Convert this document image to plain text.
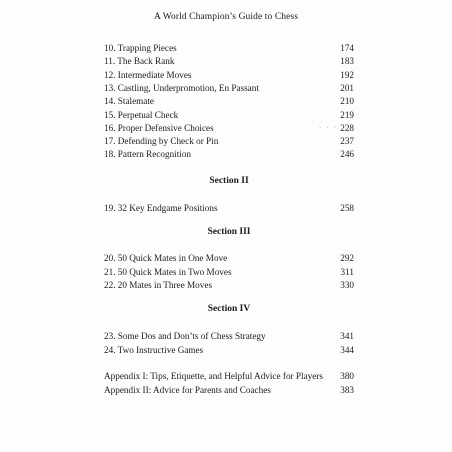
A World Champion’s Guide to Chess
10. Trapping Pieces	174
11. The Back Rank	183
12. Intermediate Moves	192
13. Castling, Underpromotion, En Passant	201
14. Stalemate	210
15. Perpetual Check	219
16. Proper Defensive Choices	228
17. Defending by Check or Pin	237
18. Pattern Recognition	246
Section II
19. 32 Key Endgame Positions	258
Section III
20. 50 Quick Mates in One Move	292
21. 50 Quick Mates in Two Moves	311
22. 20 Mates in Three Moves	330
Section IV
23. Some Dos and Don’ts of Chess Strategy	341
24. Two Instructive Games	344
Appendix I: Tips, Etiquette, and Helpful Advice for Players 380
Appendix II: Advice for Parents and Coaches	383
· · ·
